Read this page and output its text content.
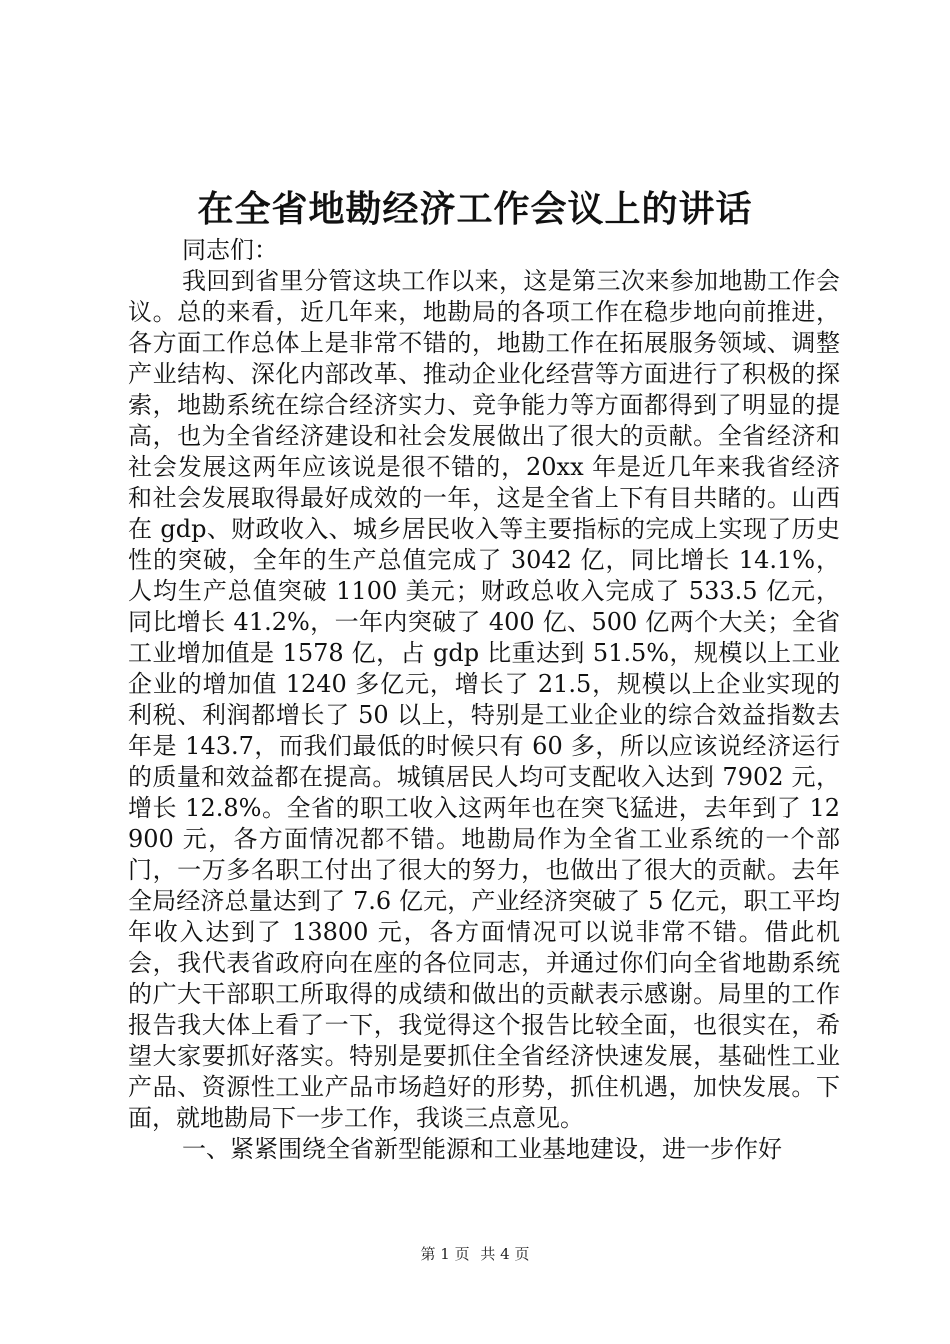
在全省地勘经济工作会议上的讲话

同志们：

我回到省里分管这块工作以来，这是第三次来参加地勘工作会议。总的来看，近几年来，地勘局的各项工作在稳步地向前推进，各方面工作总体上是非常不错的，地勘工作在拓展服务领域、调整产业结构、深化内部改革、推动企业化经营等方面进行了积极的探索，地勘系统在综合经济实力、竞争能力等方面都得到了明显的提高，也为全省经济建设和社会发展做出了很大的贡献。全省经济和社会发展这两年应该说是很不错的，20xx 年是近几年来我省经济和社会发展取得最好成效的一年，这是全省上下有目共睹的。山西在 gdp、财政收入、城乡居民收入等主要指标的完成上实现了历史性的突破，全年的生产总值完成了 3042 亿，同比增长 14.1%，人均生产总值突破 1100 美元；财政总收入完成了 533.5 亿元，同比增长 41.2%，一年内突破了 400 亿、500 亿两个大关；全省工业增加值是 1578 亿，占 gdp 比重达到 51.5%，规模以上工业企业的增加值 1240 多亿元，增长了 21.5，规模以上企业实现的利税、利润都增长了 50 以上，特别是工业企业的综合效益指数去年是 143.7，而我们最低的时候只有 60 多，所以应该说经济运行的质量和效益都在提高。城镇居民人均可支配收入达到 7902 元，增长 12.8%。全省的职工收入这两年也在突飞猛进，去年到了 12900 元，各方面情况都不错。地勘局作为全省工业系统的一个部门，一万多名职工付出了很大的努力，也做出了很大的贡献。去年全局经济总量达到了 7.6 亿元，产业经济突破了 5 亿元，职工平均年收入达到了 13800 元，各方面情况可以说非常不错。借此机会，我代表省政府向在座的各位同志，并通过你们向全省地勘系统的广大干部职工所取得的成绩和做出的贡献表示感谢。局里的工作报告我大体上看了一下，我觉得这个报告比较全面，也很实在，希望大家要抓好落实。特别是要抓住全省经济快速发展，基础性工业产品、资源性工业产品市场趋好的形势，抓住机遇，加快发展。下面，就地勘局下一步工作，我谈三点意见。

一、紧紧围绕全省新型能源和工业基地建设，进一步作好

第 1 页 共 4 页
